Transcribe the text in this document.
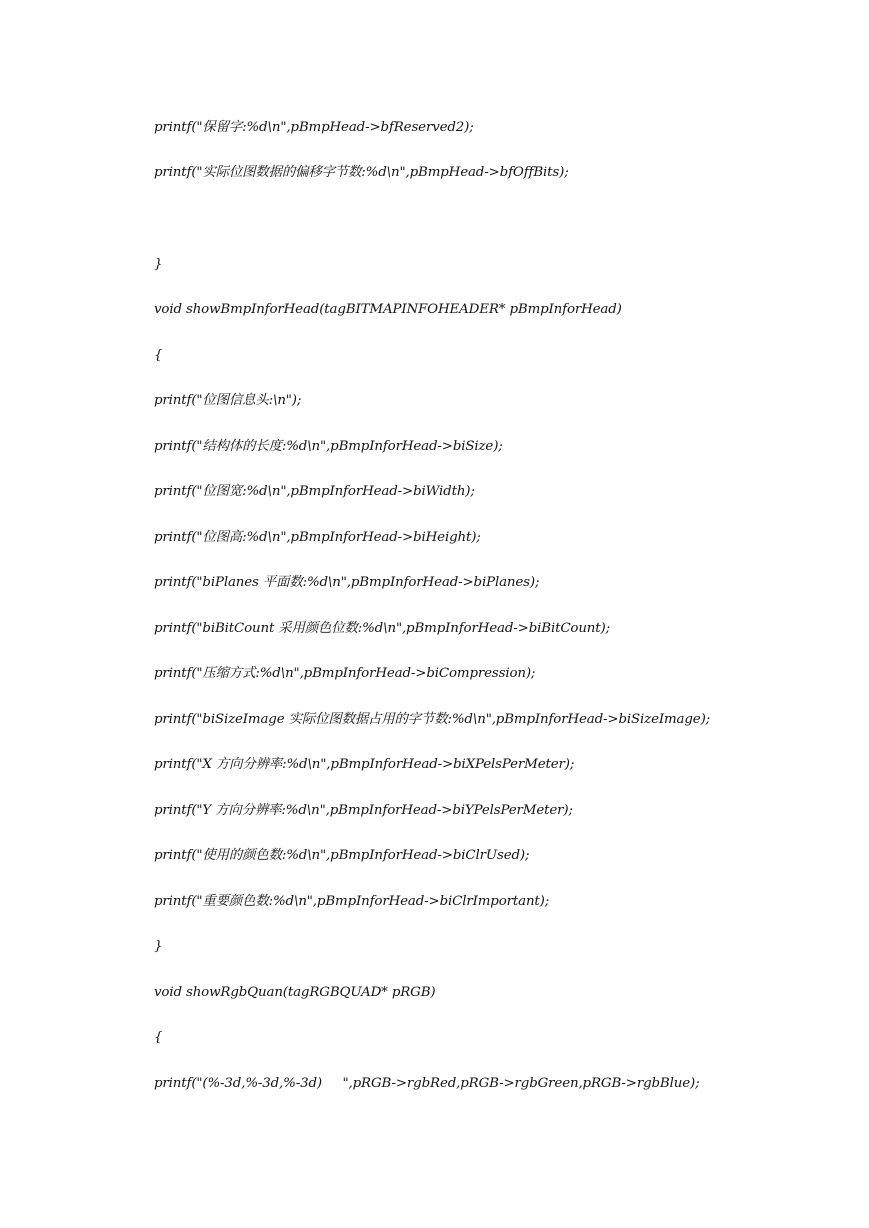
printf("保留字:%d\n",pBmpHead->bfReserved2);
printf("实际位图数据的偏移字节数:%d\n",pBmpHead->bfOffBits);
}
void showBmpInforHead(tagBITMAPINFOHEADER* pBmpInforHead)
{
printf("位图信息头:\n");
printf("结构体的长度:%d\n",pBmpInforHead->biSize);
printf("位图宽:%d\n",pBmpInforHead->biWidth);
printf("位图高:%d\n",pBmpInforHead->biHeight);
printf("biPlanes 平面数:%d\n",pBmpInforHead->biPlanes);
printf("biBitCount 采用颜色位数:%d\n",pBmpInforHead->biBitCount);
printf("压缩方式:%d\n",pBmpInforHead->biCompression);
printf("biSizeImage 实际位图数据占用的字节数:%d\n",pBmpInforHead->biSizeImage);
printf("X 方向分辨率:%d\n",pBmpInforHead->biXPelsPerMeter);
printf("Y 方向分辨率:%d\n",pBmpInforHead->biYPelsPerMeter);
printf("使用的颜色数:%d\n",pBmpInforHead->biClrUsed);
printf("重要颜色数:%d\n",pBmpInforHead->biClrImportant);
}
void showRgbQuan(tagRGBQUAD* pRGB)
{
printf("(%-3d,%-3d,%-3d)     ",pRGB->rgbRed,pRGB->rgbGreen,pRGB->rgbBlue);
